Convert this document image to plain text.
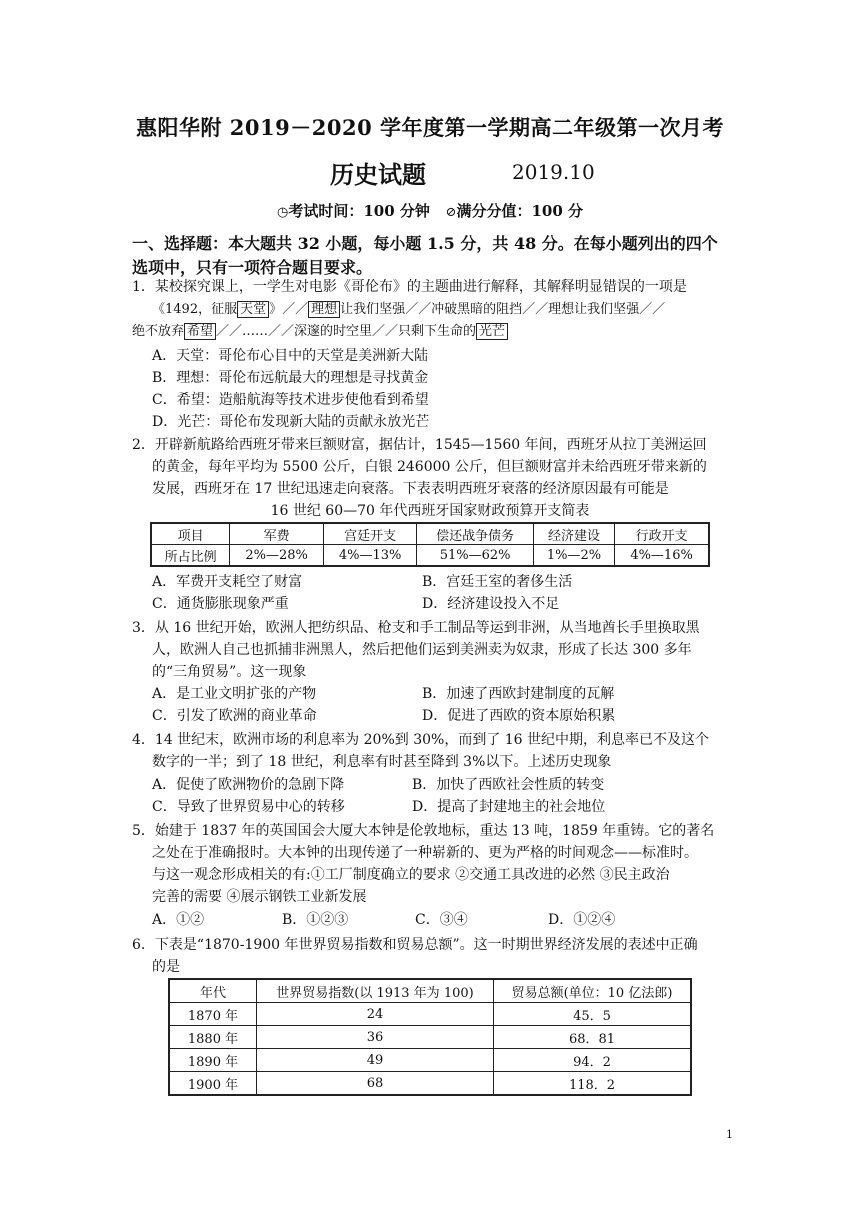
惠阳华附 2019－2020 学年度第一学期高二年级第一次月考
历史试题	2019.10
◷考试时间：100 分钟 ⊘满分分值：100 分
一、选择题：本大题共 32 小题，每小题 1.5 分，共 48 分。在每小题列出的四个
选项中，只有一项符合题目要求。
1．某校探究课上，一学生对电影《哥伦布》的主题曲进行解释，其解释明显错误的一项是
《1492，征服 天堂 》／／ 理想 让我们坚强／／冲破黑暗的阻挡／／理想让我们坚强／／
绝不放弃 希望 ／／……／／深邃的时空里／／只剩下生命的 光芒
A．天堂：哥伦布心目中的天堂是美洲新大陆
B．理想：哥伦布远航最大的理想是寻找黄金
C．希望：造船航海等技术进步使他看到希望
D．光芒：哥伦布发现新大陆的贡献永放光芒
2．开辟新航路给西班牙带来巨额财富，据估计，1545—1560 年间，西班牙从拉丁美洲运回
的黄金，每年平均为 5500 公斤，白银 246000 公斤，但巨额财富并未给西班牙带来新的
发展，西班牙在 17 世纪迅速走向衰落。下表表明西班牙衰落的经济原因最有可能是
16 世纪 60—70 年代西班牙国家财政预算开支简表
项目	军费	宫廷开支	偿还战争债务	经济建设	行政开支
所占比例	2%—28%	4%—13%	51%—62%	1%—2%	4%—16%
A．军费开支耗空了财富	B．宫廷王室的奢侈生活
C．通货膨胀现象严重	D．经济建设投入不足
3．从 16 世纪开始，欧洲人把纺织品、枪支和手工制品等运到非洲，从当地酋长手里换取黑
人，欧洲人自己也抓捕非洲黑人，然后把他们运到美洲卖为奴隶，形成了长达 300 多年
的“三角贸易”。这一现象
A．是工业文明扩张的产物	B．加速了西欧封建制度的瓦解
C．引发了欧洲的商业革命	D．促进了西欧的资本原始积累
4．14 世纪末，欧洲市场的利息率为 20%到 30%，而到了 16 世纪中期，利息率已不及这个
数字的一半；到了 18 世纪，利息率有时甚至降到 3%以下。上述历史现象
A．促使了欧洲物价的急剧下降	B．加快了西欧社会性质的转变
C．导致了世界贸易中心的转移	D．提高了封建地主的社会地位
5．始建于 1837 年的英国国会大厦大本钟是伦敦地标，重达 13 吨，1859 年重铸。它的著名
之处在于准确报时。大本钟的出现传递了一种崭新的、更为严格的时间观念——标准时。
与这一观念形成相关的有:①工厂制度确立的要求 ②交通工具改进的必然 ③民主政治
完善的需要 ④展示钢铁工业新发展
A．①②	B．①②③	C．③④	D．①②④
6．下表是“1870-1900 年世界贸易指数和贸易总额”。这一时期世界经济发展的表述中正确
的是
年代	世界贸易指数(以 1913 年为 100)	贸易总额(单位：10 亿法郎)
1870 年	24	45．5
1880 年	36	68．81
1890 年	49	94．2
1900 年	68	118．2
1
